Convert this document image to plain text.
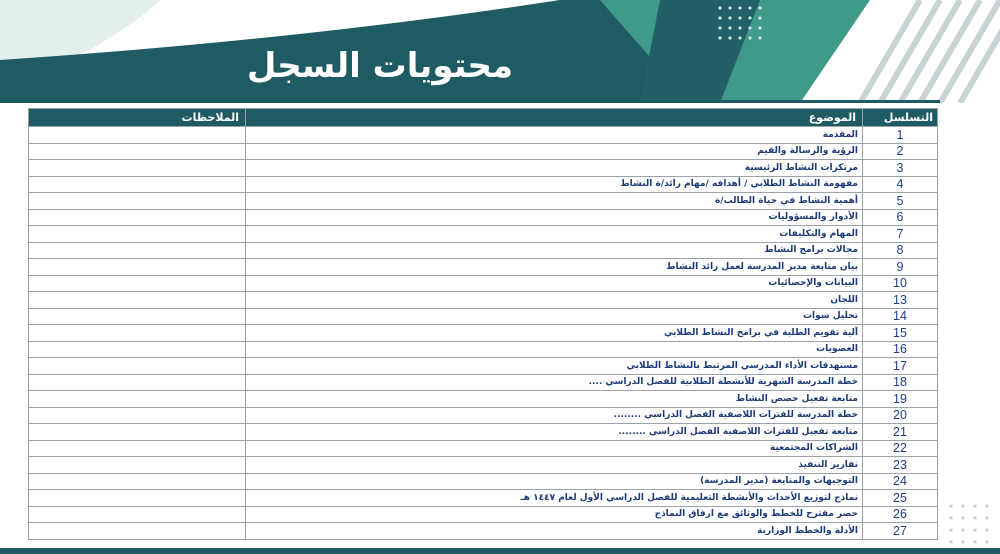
محتويات السجل
التسلسل	الموضوع	الملاحظات
1	المقدمة	
2	الرؤية والرسالة والقيم	
3	مرتكزات النشاط الرئيسية	
4	مفهومة النشاط الطلابي / أهدافه /مهام رائد/ة النشاط	
5	أهمية النشاط في حياة الطالب/ة	
6	الأدوار والمسؤوليات	
7	المهام والتكليفات	
8	مجالات برامج النشاط	
9	بيان متابعة مدير المدرسة لعمل رائد النشاط	
10	البيانات والإحصائيات	
13	اللجان	
14	تحليل سوات	
15	آلية تقويم الطلبة في برامج النشاط الطلابي	
16	العضويات	
17	مستهدفات الأداء المدرسي المرتبط بالنشاط الطلابي	
18	خطة المدرسة الشهرية للأنشطة الطلابية للفصل الدراسي ....	
19	متابعة تفعيل حصص النشاط	
20	خطة المدرسة للفترات اللاصفية الفصل الدراسي ........	
21	متابعة تفعيل للفترات اللاصفية الفصل الدراسي ........	
22	الشراكات المجتمعية	
23	تقارير التنفيذ	
24	التوجيهات والمتابعة (مدير المدرسة)	
25	نماذج لتوزيع الأحداث والأنشطة التعليمية للفصل الدراسي الأول لعام ١٤٤٧ هـ	
26	حصر مقترح للخطط والوثائق مع ارفاق النماذج	
27	الأدلة والخطط الوزارية	
